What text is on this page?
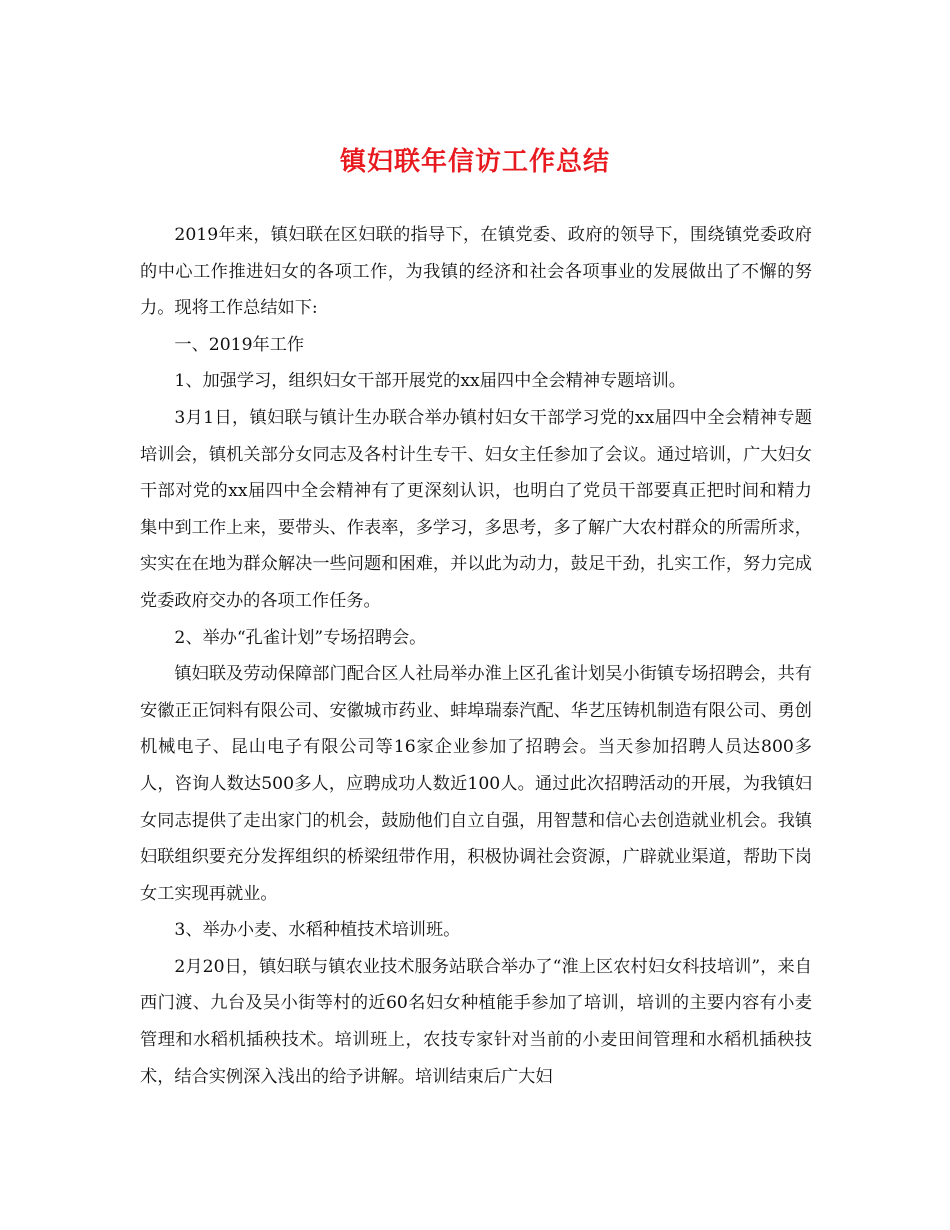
镇妇联年信访工作总结

2019年来，镇妇联在区妇联的指导下，在镇党委、政府的领导下，围绕镇党委政府的中心工作推进妇女的各项工作，为我镇的经济和社会各项事业的发展做出了不懈的努力。现将工作总结如下:

一、2019年工作

1、加强学习，组织妇女干部开展党的xx届四中全会精神专题培训。

3月1日，镇妇联与镇计生办联合举办镇村妇女干部学习党的xx届四中全会精神专题培训会，镇机关部分女同志及各村计生专干、妇女主任参加了会议。通过培训，广大妇女干部对党的xx届四中全会精神有了更深刻认识，也明白了党员干部要真正把时间和精力集中到工作上来，要带头、作表率，多学习，多思考，多了解广大农村群众的所需所求，实实在在地为群众解决一些问题和困难，并以此为动力，鼓足干劲，扎实工作，努力完成党委政府交办的各项工作任务。

2、举办“孔雀计划”专场招聘会。

镇妇联及劳动保障部门配合区人社局举办淮上区孔雀计划吴小街镇专场招聘会，共有安徽正正饲料有限公司、安徽城市药业、蚌埠瑞泰汽配、华艺压铸机制造有限公司、勇创机械电子、昆山电子有限公司等16家企业参加了招聘会。当天参加招聘人员达800多人，咨询人数达500多人，应聘成功人数近100人。通过此次招聘活动的开展，为我镇妇女同志提供了走出家门的机会，鼓励他们自立自强，用智慧和信心去创造就业机会。我镇妇联组织要充分发挥组织的桥梁纽带作用，积极协调社会资源，广辟就业渠道，帮助下岗女工实现再就业。

3、举办小麦、水稻种植技术培训班。

2月20日，镇妇联与镇农业技术服务站联合举办了“淮上区农村妇女科技培训”，来自西门渡、九台及吴小街等村的近60名妇女种植能手参加了培训，培训的主要内容有小麦管理和水稻机插秧技术。培训班上，农技专家针对当前的小麦田间管理和水稻机插秧技术，结合实例深入浅出的给予讲解。培训结束后广大妇
